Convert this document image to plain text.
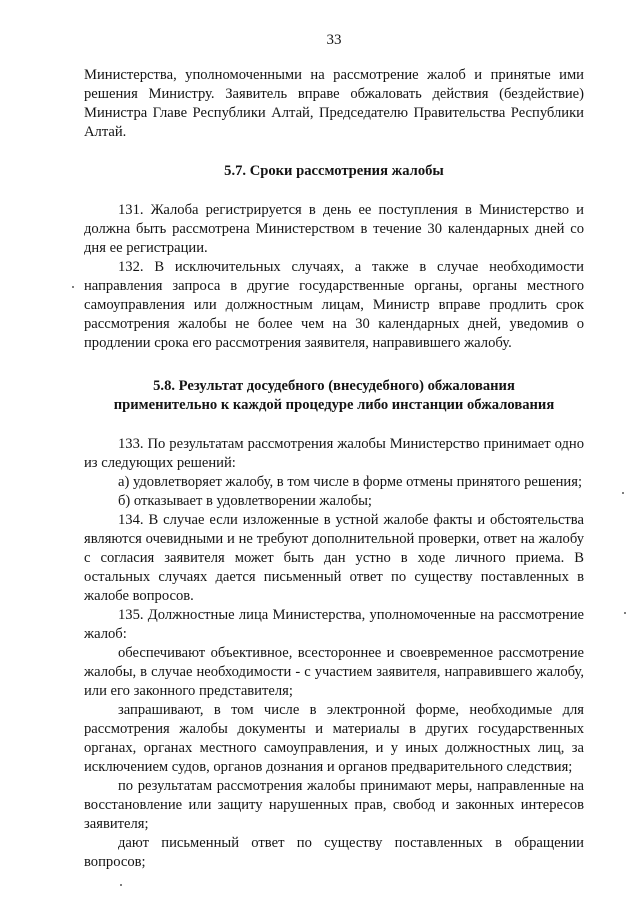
33

Министерства, уполномоченными на рассмотрение жалоб и принятые ими решения Министру. Заявитель вправе обжаловать действия (бездействие) Министра Главе Республики Алтай, Председателю Правительства Республики Алтай.

5.7. Сроки рассмотрения жалобы

131. Жалоба регистрируется в день ее поступления в Министерство и должна быть рассмотрена Министерством в течение 30 календарных дней со дня ее регистрации.

132. В исключительных случаях, а также в случае необходимости направления запроса в другие государственные органы, органы местного самоуправления или должностным лицам, Министр вправе продлить срок рассмотрения жалобы не более чем на 30 календарных дней, уведомив о продлении срока его рассмотрения заявителя, направившего жалобу.

5.8. Результат досудебного (внесудебного) обжалования
применительно к каждой процедуре либо инстанции обжалования

133. По результатам рассмотрения жалобы Министерство принимает одно из следующих решений:

а) удовлетворяет жалобу, в том числе в форме отмены принятого решения;

б) отказывает в удовлетворении жалобы;

134. В случае если изложенные в устной жалобе факты и обстоятельства являются очевидными и не требуют дополнительной проверки, ответ на жалобу с согласия заявителя может быть дан устно в ходе личного приема. В остальных случаях дается письменный ответ по существу поставленных в жалобе вопросов.

135. Должностные лица Министерства, уполномоченные на рассмотрение жалоб:

обеспечивают объективное, всестороннее и своевременное рассмотрение жалобы, в случае необходимости - с участием заявителя, направившего жалобу, или его законного представителя;

запрашивают, в том числе в электронной форме, необходимые для рассмотрения жалобы документы и материалы в других государственных органах, органах местного самоуправления, и у иных должностных лиц, за исключением судов, органов дознания и органов предварительного следствия;

по результатам рассмотрения жалобы принимают меры, направленные на восстановление или защиту нарушенных прав, свобод и законных интересов заявителя;

дают письменный ответ по существу поставленных в обращении вопросов;
